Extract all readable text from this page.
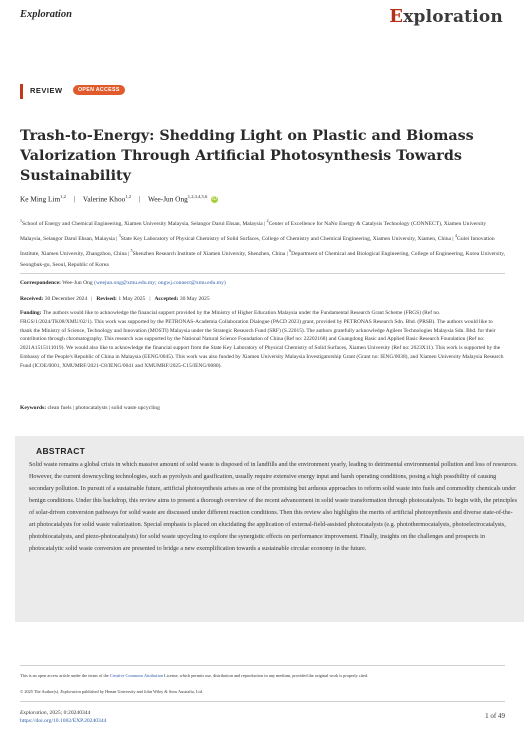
Exploration	Exploration
REVIEW	OPEN ACCESS
Trash-to-Energy: Shedding Light on Plastic and Biomass Valorization Through Artificial Photosynthesis Towards Sustainability
Ke Ming Lim$^{1,2}$ | Valerine Khoo$^{1,2}$ | Wee-Jun Ong$^{1,2,3,4,5,6}$ iD
$^1$School of Energy and Chemical Engineering, Xiamen University Malaysia, Selangor Darul Ehsan, Malaysia | $^2$Center of Excellence for NaNo Energy & Catalysis Technology (CONNECT), Xiamen University Malaysia, Selangor Darul Ehsan, Malaysia | $^3$State Key Laboratory of Physical Chemistry of Solid Surfaces, College of Chemistry and Chemical Engineering, Xiamen University, Xiamen, China | $^4$Gulei Innovation Institute, Xiamen University, Zhangzhou, China | $^5$Shenzhen Research Institute of Xiamen University, Shenzhen, China | $^6$Department of Chemical and Biological Engineering, College of Engineering, Korea University, Seongbuk-gu, Seoul, Republic of Korea
Correspondence: Wee-Jun Ong (weejun.ong@xmu.edu.my; ongwj.connect@xmu.edu.my)
Received: 30 December 2024 | Revised: 1 May 2025 | Accepted: 30 May 2025
Funding: The authors would like to acknowledge the financial support provided by the Ministry of Higher Education Malaysia under the Fundamental Research Grant Scheme (FRGS) (Ref no. FRGS/1/2024/TK08/XMU/02/1). This work was supported by the PETRONAS-Academia Collaboration Dialogue (PACD 2023) grant, provided by PETRONAS Research Sdn. Bhd. (PRSB). The authors would like to thank the Ministry of Science, Technology and Innovation (MOSTI) Malaysia under the Strategic Research Fund (SRF) (S.22015). The authors gratefully acknowledge Agilent Technologies Malaysia Sdn. Bhd. for their contribution through chromatography. This research was supported by the National Natural Science Foundation of China (Ref no: 22202168) and Guangdong Basic and Applied Basic Research Foundation (Ref no: 2021A1515111019). We would also like to acknowledge the financial support from the State Key Laboratory of Physical Chemistry of Solid Surfaces, Xiamen University (Ref no: 2023X11). This work is supported by the Embassy of the People's Republic of China in Malaysia (EENG/0045). This work was also funded by Xiamen University Malaysia Investigatorship Grant (Grant no: IENG/0038), and Xiamen University Malaysia Research Fund (ICOE/0001, XMUMRF/2021-C8/IENG/0041 and XMUMRF/2025-C15/IENG/0080).
Keywords: clean fuels | photocatalysts | solid waste upcycling
ABSTRACT
Solid waste remains a global crisis in which massive amount of solid waste is disposed of in landfills and the environment yearly, leading to detrimental environmental pollution and loss of resources. However, the current downcycling technologies, such as pyrolysis and gasification, usually require extensive energy input and harsh operating conditions, posing a high possibility of causing secondary pollution. In pursuit of a sustainable future, artificial photosynthesis arises as one of the promising but arduous approaches to reform solid waste into fuels and commodity chemicals under benign conditions. Under this backdrop, this review aims to present a thorough overview of the recent advancement in solid waste transformation through photocatalysts. To begin with, the principles of solar-driven conversion pathways for solid waste are discussed under different reaction conditions. Then this review also highlights the merits of artificial photosynthesis and diverse state-of-the-art photocatalysts for solid waste valorization. Special emphasis is placed on elucidating the application of external-field-assisted photocatalysts (e.g. photothermocatalysts, photoelectrocatalysts, photobiocatalysts, and piezo-photocatalysts) for solid waste upcycling to explore the synergistic effects on performance improvement. Finally, insights on the challenges and prospects in photocatalytic solid waste conversion are presented to bridge a new exemplification towards a sustainable circular economy in the future.
This is an open access article under the terms of the Creative Commons Attribution License, which permits use, distribution and reproduction in any medium, provided the original work is properly cited.
© 2025 The Author(s). Exploration published by Henan University and John Wiley & Sons Australia, Ltd.
Exploration, 2025; 0:20240344
https://doi.org/10.1002/EXP.20240344
1 of 49
